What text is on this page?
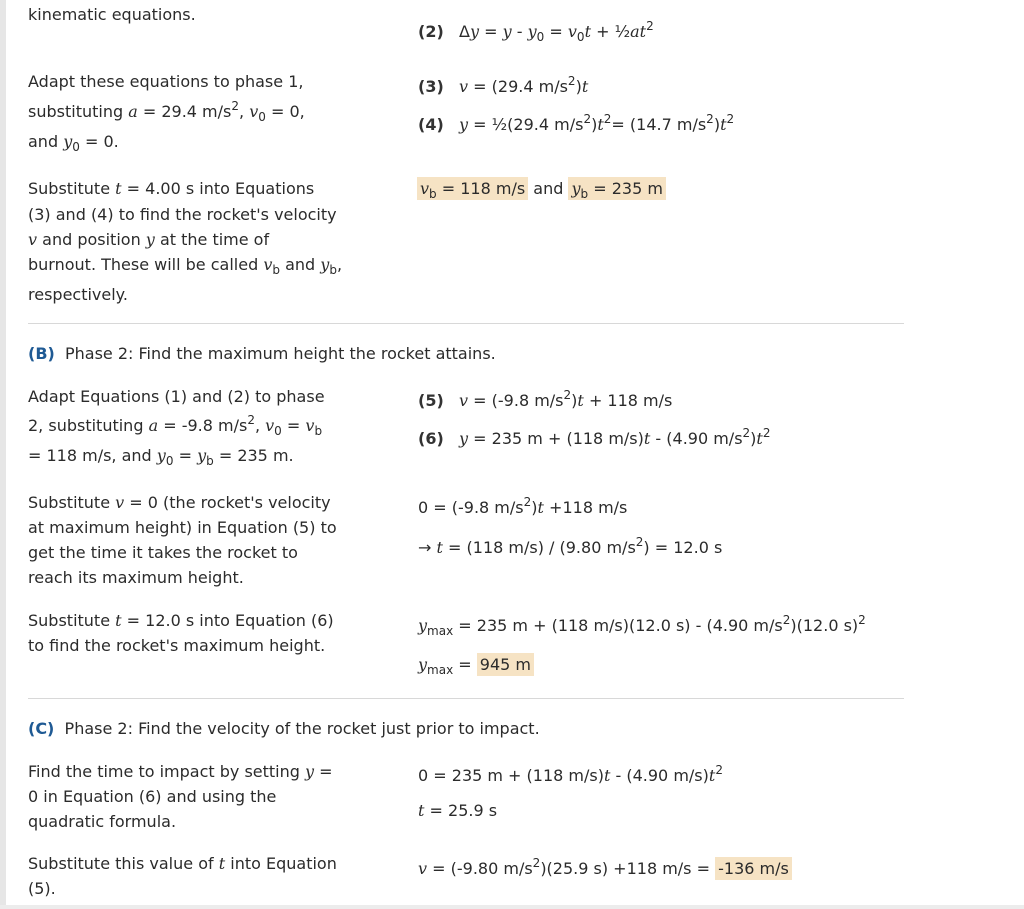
kinematic equations.
(2) $\Delta y = y - y_0 = v_0t$ + $\frac{1}{2}at^2$
Adapt these equations to phase 1,
substituting a = 29.4 $m/s^2$, $v_0 = 0$,
and $y_0 = 0$.
(3) v = (29.4 $m/s^2)t$
(4) y = ½(29.4 $m/s^2)t^2= (14.7$ $m/s^2)t^2$
Substitute t = 4.00 s into Equations
(3) and (4) to find the rocket's velocity
v and position y at the time of
burnout. These will be called $v_b$ and $y_b$,
respectively.
$v_b = 118$ m/s and $y_b = 235$ m
(B) Phase 2: Find the maximum height the rocket attains.
Adapt Equations (1) and (2) to phase
2, substituting a = -9.8 $m/s^2$, $v_0 = v_b$
= 118 m/s, and $y_0 = y_b = 235$ m.
(5) v = (-9.8 $m/s^2)t + 118$ m/s
(6) y = 235 m + (118 m/s)t - (4.90 $m/s^2)t^2$
Substitute v = 0 (the rocket's velocity
at maximum height) in Equation (5) to
get the time it takes the rocket to
reach its maximum height.
0 = (-9.8 $m/s^2)t +118$ m/s
→ t = (118 m/s) / (9.80 $m/s^2) = 12.0$ s
Substitute t = 12.0 s into Equation (6)
to find the rocket's maximum height.
$y_{max} = 235$ m + (118 m/s)(12.0 s) - (4.90 $m/s^2)(12.0$ s)$^2$
$y_{max} = 945$ m
(C) Phase 2: Find the velocity of the rocket just prior to impact.
Find the time to impact by setting y =
0 in Equation (6) and using the
quadratic formula.
0 = 235 m + (118 m/s)t - (4.90 $m/s)t^2$
t = 25.9 s
Substitute this value of t into Equation
(5).
v = (-9.80 $m/s^2)(25.9$ s) +118 m/s = -136 m/s
